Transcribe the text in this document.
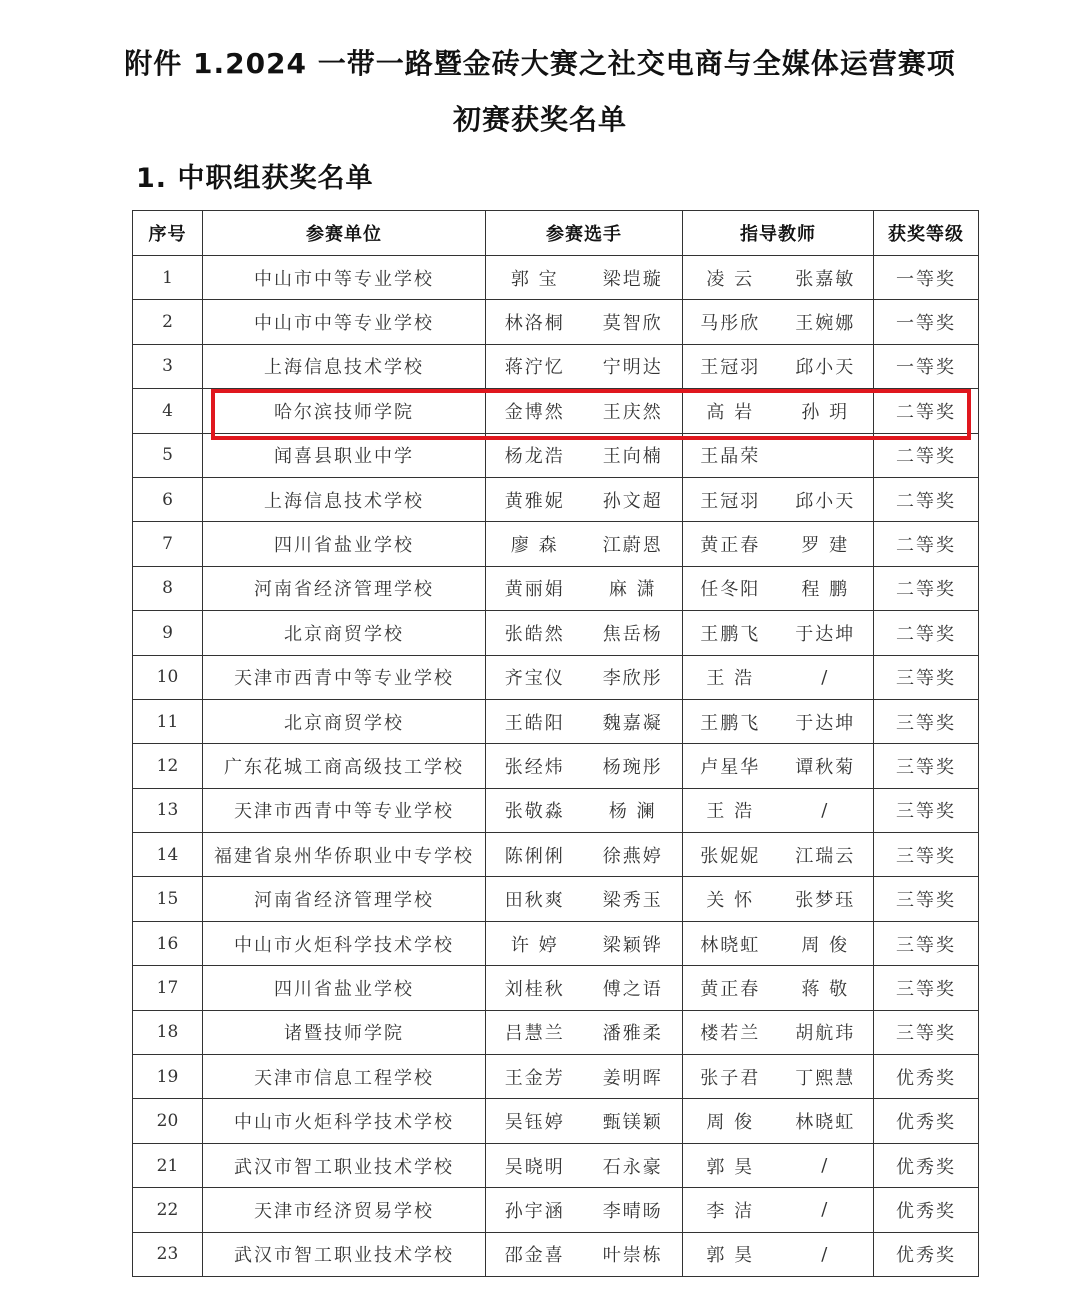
附件 1.2024 一带一路暨金砖大赛之社交电商与全媒体运营赛项
初赛获奖名单
1. 中职组获奖名单
序号	参赛单位	参赛选手		指导教师		获奖等级
1	中山市中等专业学校	郭 宝	梁垲璇	凌 云	张嘉敏	一等奖
2	中山市中等专业学校	林洛桐	莫智欣	马彤欣	王婉娜	一等奖
3	上海信息技术学校	蒋泞忆	宁明达	王冠羽	邱小天	一等奖
4	哈尔滨技师学院	金博然	王庆然	高 岩	孙 玥	二等奖
5	闻喜县职业中学	杨龙浩	王向楠	王晶荣		二等奖
6	上海信息技术学校	黄雅妮	孙文超	王冠羽	邱小天	二等奖
7	四川省盐业学校	廖 森	江蔚恩	黄正春	罗 建	二等奖
8	河南省经济管理学校	黄丽娟	麻 潇	任冬阳	程 鹏	二等奖
9	北京商贸学校	张皓然	焦岳杨	王鹏飞	于达坤	二等奖
10	天津市西青中等专业学校	齐宝仪	李欣彤	王 浩	/	三等奖
11	北京商贸学校	王皓阳	魏嘉凝	王鹏飞	于达坤	三等奖
12	广东花城工商高级技工学校	张经炜	杨琬彤	卢星华	谭秋菊	三等奖
13	天津市西青中等专业学校	张敬淼	杨 澜	王 浩	/	三等奖
14	福建省泉州华侨职业中专学校	陈俐俐	徐燕婷	张妮妮	江瑞云	三等奖
15	河南省经济管理学校	田秋爽	梁秀玉	关 怀	张梦珏	三等奖
16	中山市火炬科学技术学校	许 婷	梁颖铧	林晓虹	周 俊	三等奖
17	四川省盐业学校	刘桂秋	傅之语	黄正春	蒋 敬	三等奖
18	诸暨技师学院	吕慧兰	潘雅柔	楼若兰	胡航玮	三等奖
19	天津市信息工程学校	王金芳	姜明晖	张子君	丁熙慧	优秀奖
20	中山市火炬科学技术学校	吴钰婷	甄镁颖	周 俊	林晓虹	优秀奖
21	武汉市智工职业技术学校	吴晓明	石永豪	郭 昊	/	优秀奖
22	天津市经济贸易学校	孙宇涵	李晴旸	李 洁	/	优秀奖
23	武汉市智工职业技术学校	邵金喜	叶崇栋	郭 昊	/	优秀奖
